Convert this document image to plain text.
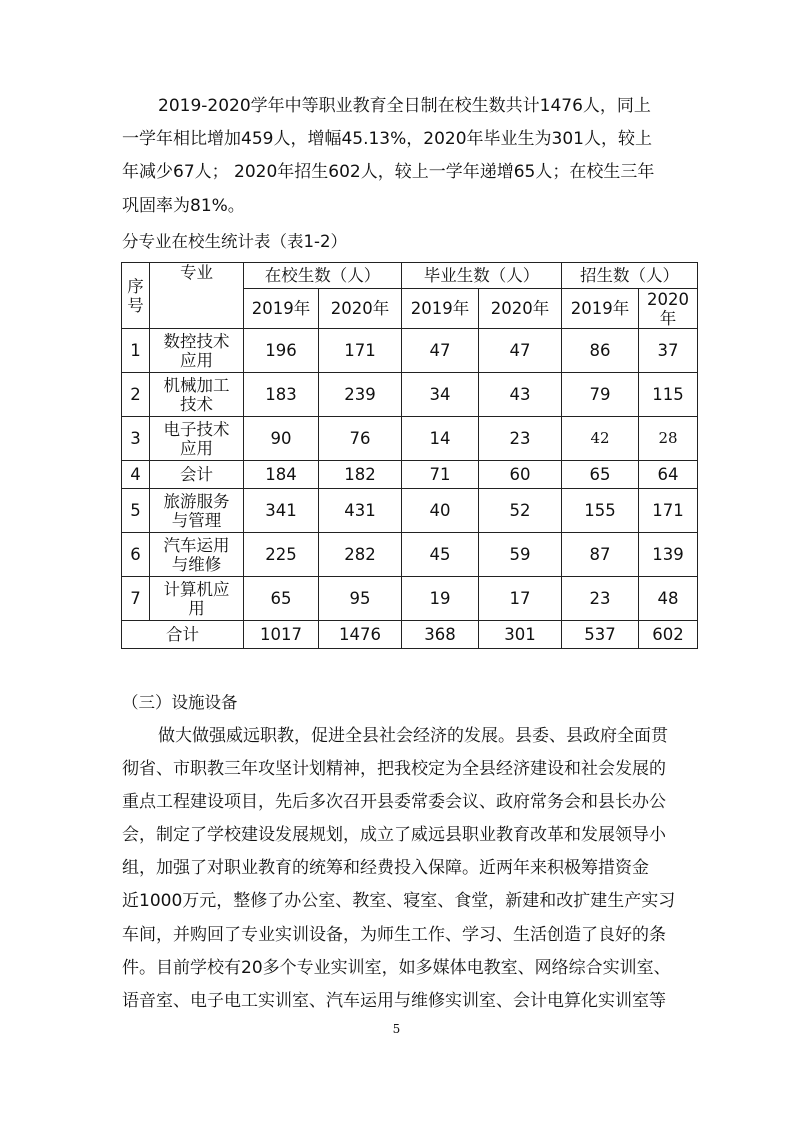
2019-2020学年中等职业教育全日制在校生数共计1476人，同上
一学年相比增加459人，增幅45.13%，2020年毕业生为301人，较上
年减少67人； 2020年招生602人，较上一学年递增65人；在校生三年
巩固率为81%。
分专业在校生统计表（表1-2）
序号	专业	在校生数（人）		毕业生数（人）		招生数（人）	
		2019年	2020年	2019年	2020年	2019年	2020年
1	数控技术应用	196	171	47	47	86	37
2	机械加工技术	183	239	34	43	79	115
3	电子技术应用	90	76	14	23	42	28
4	会计	184	182	71	60	65	64
5	旅游服务与管理	341	431	40	52	155	171
6	汽车运用与维修	225	282	45	59	87	139
7	计算机应用	65	95	19	17	23	48
合计		1017	1476	368	301	537	602
（三）设施设备
做大做强威远职教，促进全县社会经济的发展。县委、县政府全面贯
彻省、市职教三年攻坚计划精神，把我校定为全县经济建设和社会发展的
重点工程建设项目，先后多次召开县委常委会议、政府常务会和县长办公
会，制定了学校建设发展规划，成立了威远县职业教育改革和发展领导小
组，加强了对职业教育的统筹和经费投入保障。近两年来积极筹措资金
近1000万元，整修了办公室、教室、寝室、食堂，新建和改扩建生产实习
车间，并购回了专业实训设备，为师生工作、学习、生活创造了良好的条
件。目前学校有20多个专业实训室，如多媒体电教室、网络综合实训室、
语音室、电子电工实训室、汽车运用与维修实训室、会计电算化实训室等
5
